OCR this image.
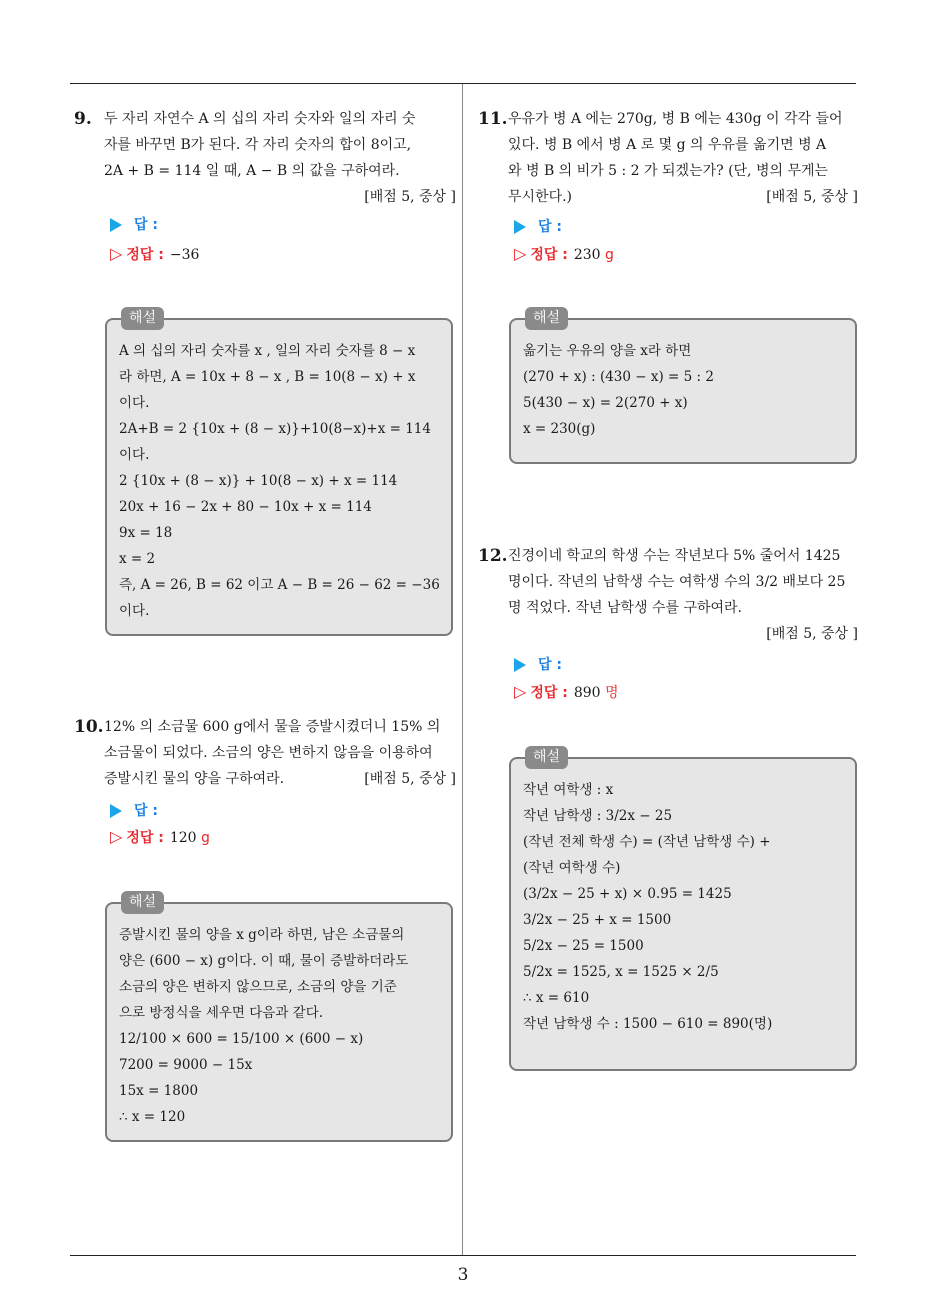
3
9. 두 자리 자연수 A 의 십의 자리 숫자와 일의 자리 숫
자를 바꾸면 B가 된다. 각 자리 숫자의 합이 8이고,
2A + B = 114 일 때, A − B 의 값을 구하여라.
[배점 5, 중상 ]
답 :
▷ 정답 : −36
해설
A 의 십의 자리 숫자를 x , 일의 자리 숫자를 8 − x
라 하면, A = 10x + 8 − x , B = 10(8 − x) + x
이다.
2A+B = 2 {10x + (8 − x)}+10(8−x)+x = 114
이다.
2 {10x + (8 − x)} + 10(8 − x) + x = 114
20x + 16 − 2x + 80 − 10x + x = 114
9x = 18
x = 2
즉, A = 26, B = 62 이고 A − B = 26 − 62 = −36
이다.
10. 12% 의 소금물 600 g에서 물을 증발시켰더니 15% 의
소금물이 되었다. 소금의 양은 변하지 않음을 이용하여
증발시킨 물의 양을 구하여라.	[배점 5, 중상 ]
답 :
▷ 정답 : 120 g
해설
증발시킨 물의 양을 x g이라 하면, 남은 소금물의
양은 (600 − x) g이다. 이 때, 물이 증발하더라도
소금의 양은 변하지 않으므로, 소금의 양을 기준
으로 방정식을 세우면 다음과 같다.
12/100 × 600 = 15/100 × (600 − x)
7200 = 9000 − 15x
15x = 1800
∴ x = 120
11. 우유가 병 A 에는 270g, 병 B 에는 430g 이 각각 들어
있다. 병 B 에서 병 A 로 몇 g 의 우유를 옮기면 병 A
와 병 B 의 비가 5 : 2 가 되겠는가? (단, 병의 무게는
무시한다.)	[배점 5, 중상 ]
답 :
▷ 정답 : 230 g
해설
옮기는 우유의 양을 x라 하면
(270 + x) : (430 − x) = 5 : 2
5(430 − x) = 2(270 + x)
x = 230(g)
12. 진경이네 학교의 학생 수는 작년보다 5% 줄어서 1425
명이다. 작년의 남학생 수는 여학생 수의 3/2 배보다 25
명 적었다. 작년 남학생 수를 구하여라.
[배점 5, 중상 ]
답 :
▷ 정답 : 890 명
해설
작년 여학생 : x
작년 남학생 : 3/2x − 25
(작년 전체 학생 수) = (작년 남학생 수) +
(작년 여학생 수)
(3/2x − 25 + x) × 0.95 = 1425
3/2x − 25 + x = 1500
5/2x − 25 = 1500
5/2x = 1525, x = 1525 × 2/5
∴ x = 610
작년 남학생 수 : 1500 − 610 = 890(명)
